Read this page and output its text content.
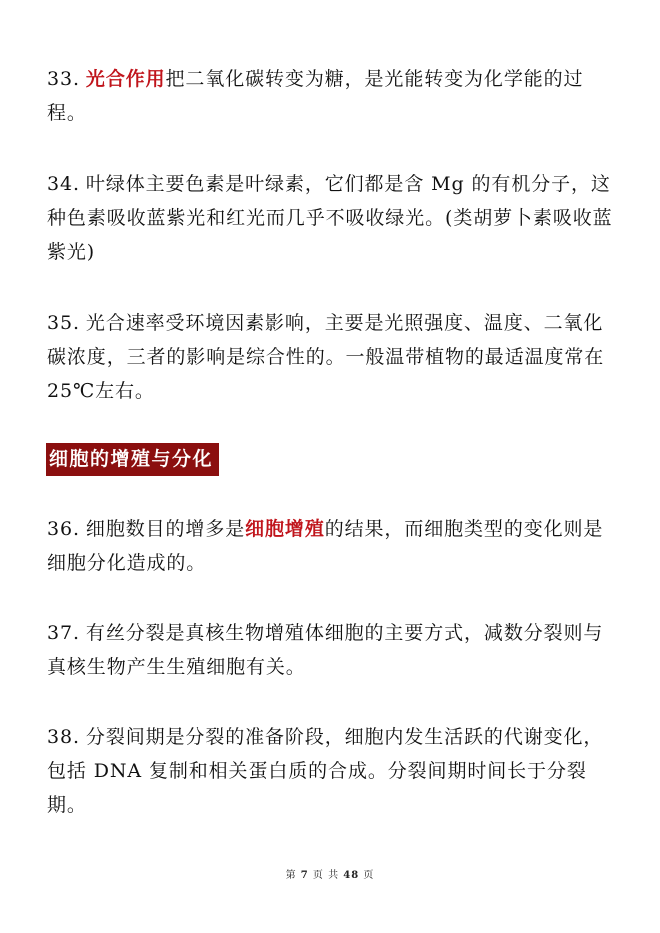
33. 光合作用把二氧化碳转变为糖，是光能转变为化学能的过程。

34. 叶绿体主要色素是叶绿素，它们都是含 Mg 的有机分子，这种色素吸收蓝紫光和红光而几乎不吸收绿光。(类胡萝卜素吸收蓝紫光)

35. 光合速率受环境因素影响，主要是光照强度、温度、二氧化碳浓度，三者的影响是综合性的。一般温带植物的最适温度常在 25℃左右。

细胞的增殖与分化

36. 细胞数目的增多是细胞增殖的结果，而细胞类型的变化则是细胞分化造成的。

37. 有丝分裂是真核生物增殖体细胞的主要方式，减数分裂则与真核生物产生生殖细胞有关。

38. 分裂间期是分裂的准备阶段，细胞内发生活跃的代谢变化，包括 DNA 复制和相关蛋白质的合成。分裂间期时间长于分裂期。

第 7 页 共 48 页
